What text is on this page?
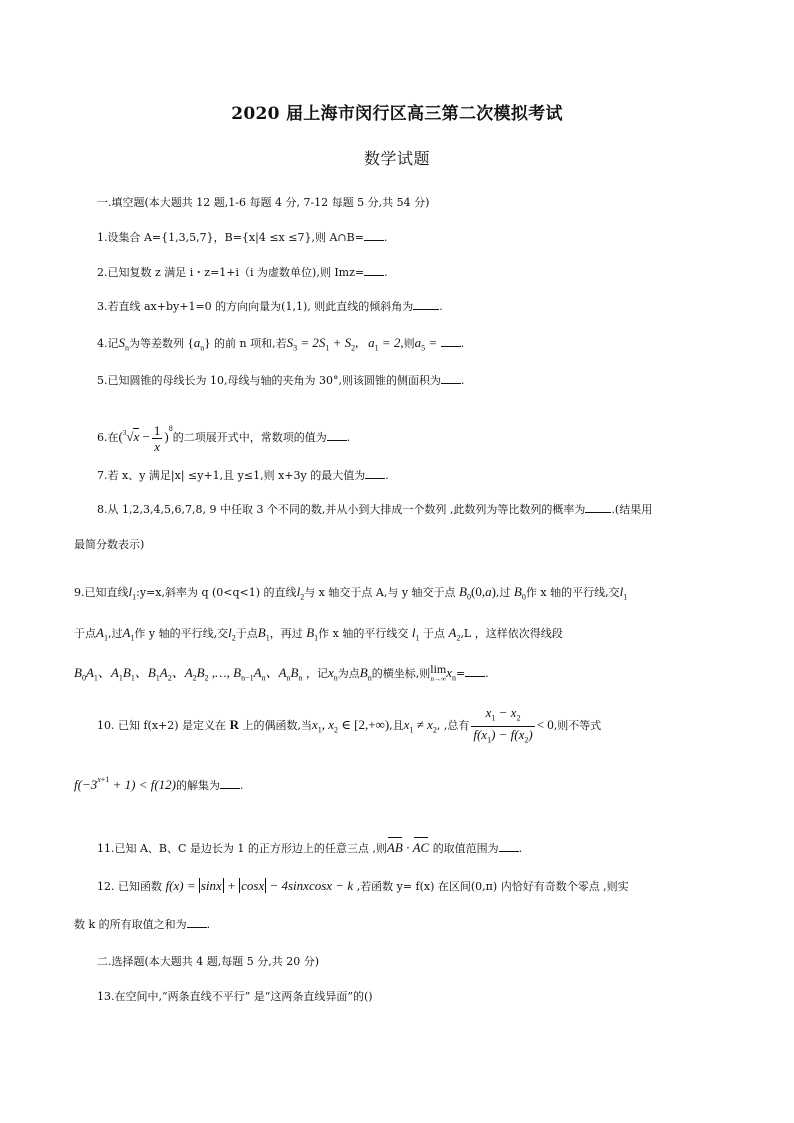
2020 届上海市闵行区高三第二次模拟考试
数学试题
一.填空题(本大题共 12 题,1-6 每题 4 分, 7-12 每题 5 分,共 54 分)
1.设集合 A={1,3,5,7}，B={x|4 ≤x ≤7},则 A∩B= .
2.已知复数 z 满足 i・z=1+i（i 为虚数单位),则 Imz= .
3.若直线 ax+by+1=0 的方向向量为(1,1), 则此直线的倾斜角为 .
4.记$S_n$为等差数列 $\{a_n\}$ 的前 n 项和,若$S_3 = 2S_1 + S_2$,   $a_1 = 2$,则$a_5$ = .
5.已知圆锥的母线长为 10,母线与轴的夹角为 30°,则该圆锥的侧面积为 .
6.在$(^3√x - \frac{1}{x} )^8$的二项展开式中，常数项的值为 .
7.若 x、y 满足|x| ≤y+1,且 y≤1,则 x+3y 的最大值为 .
8.从 1,2,3,4,5,6,7,8, 9 中任取 3 个不同的数,并从小到大排成一个数列 ,此数列为等比数列的概率为 .(结果用
最简分数表示)
9.已知直线$l_1:y=x$,斜率为 q (0<q<1) 的直线$l_2$与 x 轴交于点 A,与 y 轴交于点 $B_0(0,a)$,过 $B_0$作 x 轴的平行线,交$l_1$
于点$A_1$,过$A_1$作 y 轴的平行线,交$l_2$于点$B_1$，再过 $B_1$作 x 轴的平行线交 $l_1$ 于点 $A_2,L$ ，这样依次得线段
$B_0A_1$、$A_1B_1$、$B_1A_2$、$A_2B_2$ ,…, $B_{n-1}A_n$、$A_nB_n$ ，记$x_n$为点$B_n$的横坐标,则 lim
n→∞ $x_n=$ .
10. 已知 f(x+2) 是定义在 R 上的偶函数,当$x_1$, $x_2$ ∈ [2,+∞),且$x_1 \ne x_2$, ,总有 $\frac{x_1 - x_2}{f(x_1) - f(x_2)} < 0$,则不等式
$f(-3^{x+1} + 1) < f(12)$的解集为 .
11.已知 A、B、C 是边长为 1 的正方形边上的任意三点 ,则AB · AC 的取值范围为 .
12. 已知函数 f(x) = sinx + cosx − 4sinxcosx − k ,若函数 y= f(x) 在区间(0,π) 内恰好有奇数个零点 ,则实
数 k 的所有取值之和为 .
二.选择题(本大题共 4 题,每题 5 分,共 20 分)
13.在空间中,“两条直线不平行” 是“这两条直线异面”的()
